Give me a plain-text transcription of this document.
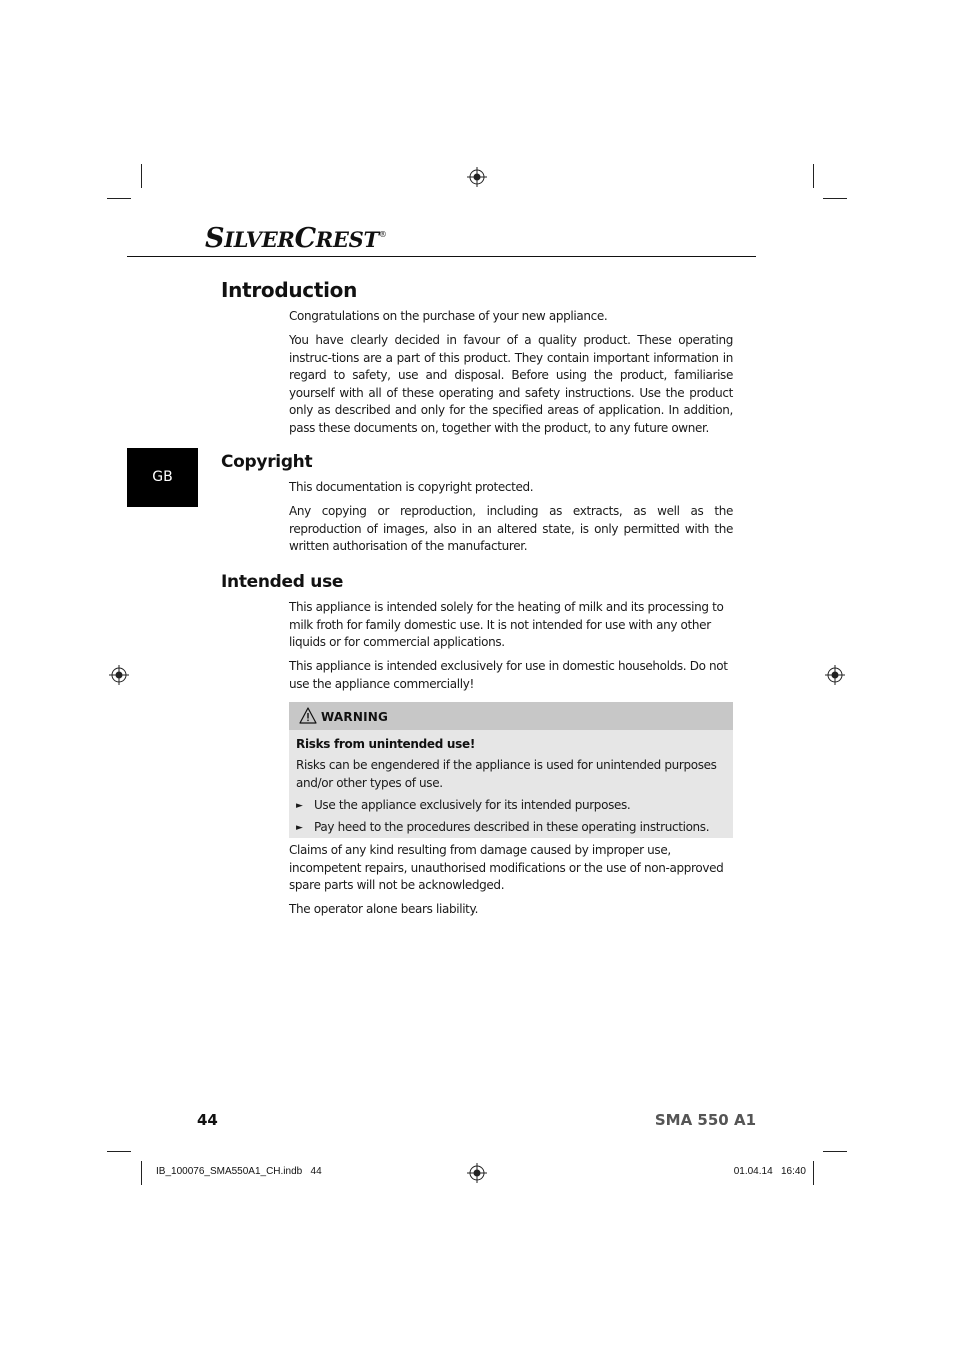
SILVERCREST®
GB
Introduction

Congratulations on the purchase of your new appliance.

You have clearly decided in favour of a quality product. These operating instruc-tions are a part of this product. They contain important information in regard to safety, use and disposal. Before using the product, familiarise yourself with all of these operating and safety instructions. Use the product only as described and only for the specified areas of application. In addition, pass these documents on, together with the product, to any future owner.

Copyright

This documentation is copyright protected.

Any copying or reproduction, including as extracts, as well as the reproduction of images, also in an altered state, is only permitted with the written authorisation of the manufacturer.

Intended use

This appliance is intended solely for the heating of milk and its processing to milk froth for family domestic use. It is not intended for use with any other liquids or for commercial applications.

This appliance is intended exclusively for use in domestic households. Do not use the appliance commercially!

WARNING
Risks from unintended use!

Risks can be engendered if the appliance is used for unintended purposes and/or other types of use.

► Use the appliance exclusively for its intended purposes.
► Pay heed to the procedures described in these operating instructions.

Claims of any kind resulting from damage caused by improper use, incompetent repairs, unauthorised modifications or the use of non-approved spare parts will not be acknowledged.

The operator alone bears liability.

44	SMA 550 A1
IB_100076_SMA550A1_CH.indb   44	01.04.14   16:40
